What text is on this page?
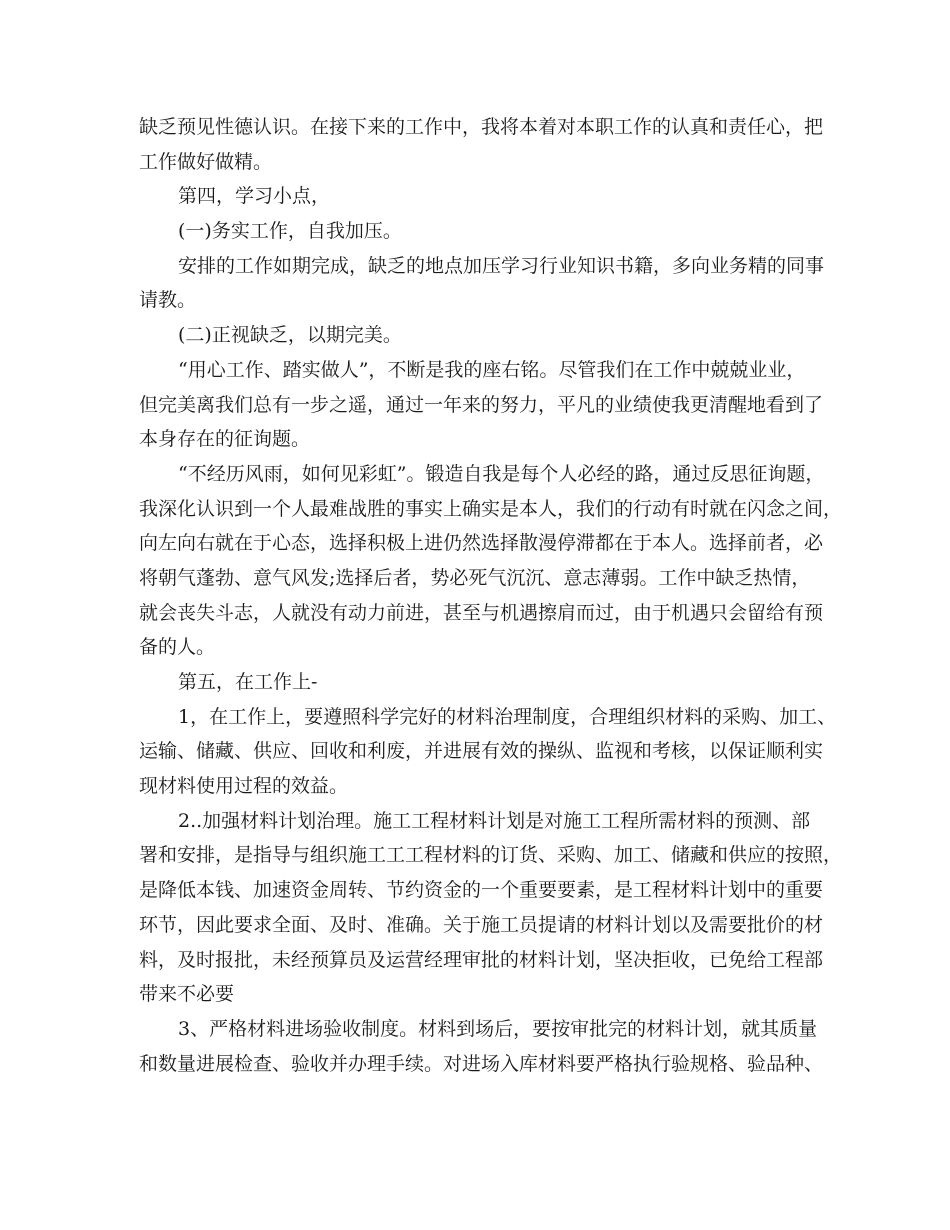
缺乏预见性德认识。在接下来的工作中，我将本着对本职工作的认真和责任心，把
工作做好做精。
第四，学习小点，
(一)务实工作，自我加压。
安排的工作如期完成，缺乏的地点加压学习行业知识书籍，多向业务精的同事
请教。
(二)正视缺乏，以期完美。
“用心工作、踏实做人”，不断是我的座右铭。尽管我们在工作中兢兢业业，
但完美离我们总有一步之遥，通过一年来的努力，平凡的业绩使我更清醒地看到了
本身存在的征询题。
“不经历风雨，如何见彩虹”。锻造自我是每个人必经的路，通过反思征询题，
我深化认识到一个人最难战胜的事实上确实是本人，我们的行动有时就在闪念之间，
向左向右就在于心态，选择积极上进仍然选择散漫停滞都在于本人。选择前者，必
将朝气蓬勃、意气风发;选择后者，势必死气沉沉、意志薄弱。工作中缺乏热情，
就会丧失斗志，人就没有动力前进，甚至与机遇擦肩而过，由于机遇只会留给有预
备的人。
第五，在工作上-
1，在工作上，要遵照科学完好的材料治理制度，合理组织材料的采购、加工、
运输、储藏、供应、回收和利废，并进展有效的操纵、监视和考核，以保证顺利实
现材料使用过程的效益。
2..加强材料计划治理。施工工程材料计划是对施工工程所需材料的预测、部
署和安排，是指导与组织施工工工程材料的订货、采购、加工、储藏和供应的按照，
是降低本钱、加速资金周转、节约资金的一个重要要素，是工程材料计划中的重要
环节，因此要求全面、及时、准确。关于施工员提请的材料计划以及需要批价的材
料，及时报批，未经预算员及运营经理审批的材料计划，坚决拒收，已免给工程部
带来不必要
3、严格材料进场验收制度。材料到场后，要按审批完的材料计划，就其质量
和数量进展检查、验收并办理手续。对进场入库材料要严格执行验规格、验品种、
